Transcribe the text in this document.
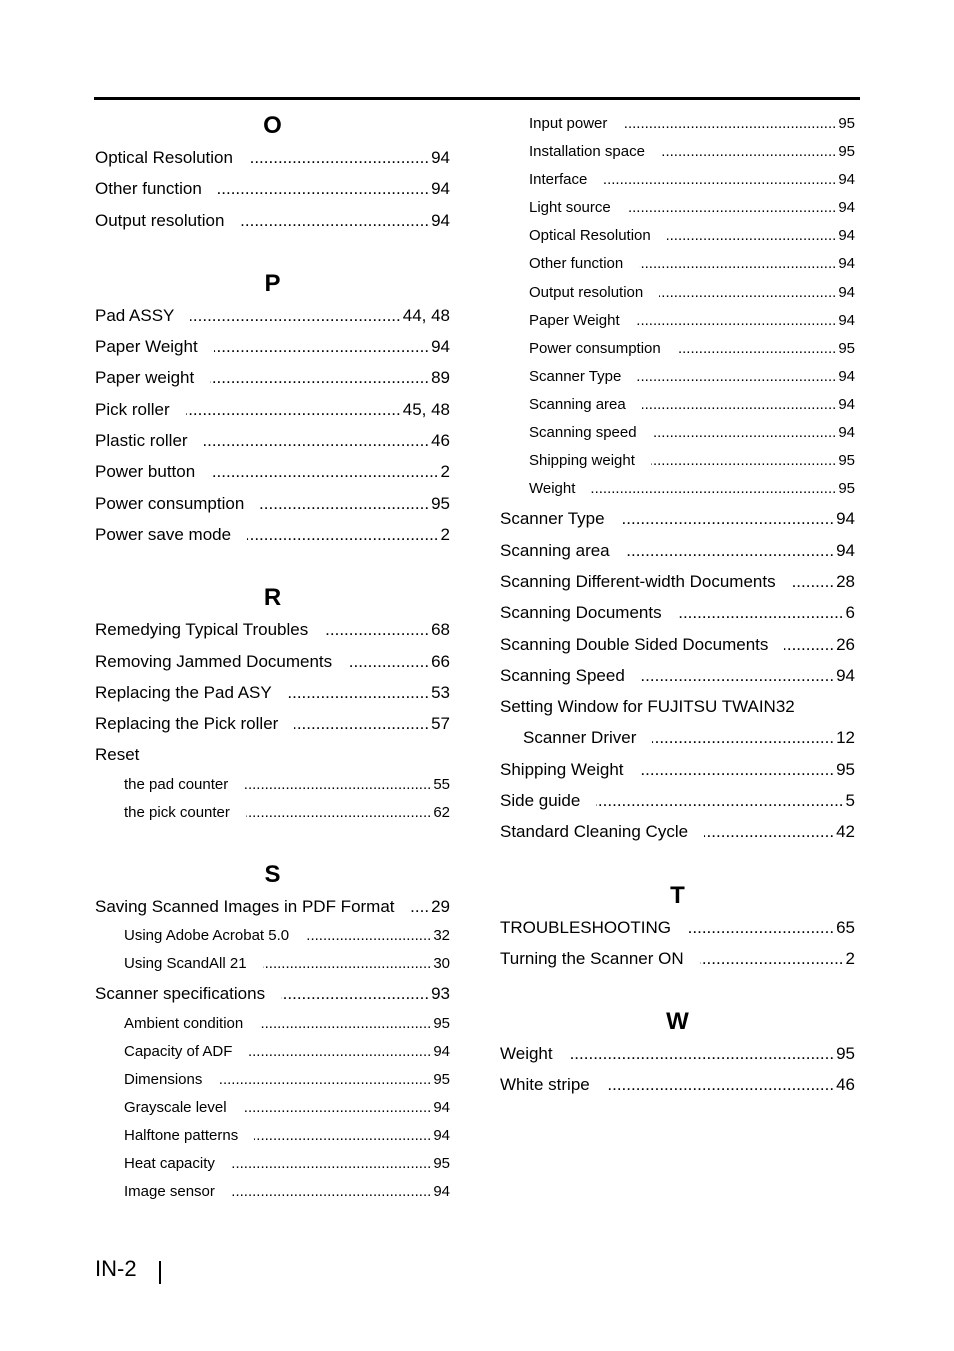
O
Optical Resolution .....	94
Other function .....	94
Output resolution .....	94
P
Pad ASSY .....	44, 48
Paper Weight .....	94
Paper weight .....	89
Pick roller .....	45, 48
Plastic roller .....	46
Power button .....	2
Power consumption .....	95
Power save mode .....	2
R
Remedying Typical Troubles .....	68
Removing Jammed Documents .....	66
Replacing the Pad ASY .....	53
Replacing the Pick roller .....	57
Reset
the pad counter .....	55
the pick counter .....	62
S
Saving Scanned Images in PDF Format ..... 29
Using Adobe Acrobat 5.0 .....	32
Using ScandAll 21 .....	30
Scanner specifications .....	93
Ambient condition .....	95
Capacity of ADF .....	94
Dimensions .....	95
Grayscale level .....	94
Halftone patterns .....	94
Heat capacity .....	95
Image sensor .....	94
Input power .....	95
Installation space .....	95
Interface .....	94
Light source .....	94
Optical Resolution .....	94
Other function .....	94
Output resolution .....	94
Paper Weight .....	94
Power consumption .....	95
Scanner Type .....	94
Scanning area .....	94
Scanning speed .....	94
Shipping weight .....	95
Weight .....	95
Scanner Type .....	94
Scanning area .....	94
Scanning Different-width Documents .....	28
Scanning Documents .....	6
Scanning Double Sided Documents .....	26
Scanning Speed .....	94
Setting Window for FUJITSU TWAIN32
Scanner Driver .....	12
Shipping Weight .....	95
Side guide .....	5
Standard Cleaning Cycle .....	42
T
TROUBLESHOOTING .....	65
Turning the Scanner ON .....	2
W
Weight .....	95
White stripe .....	46
IN-2
